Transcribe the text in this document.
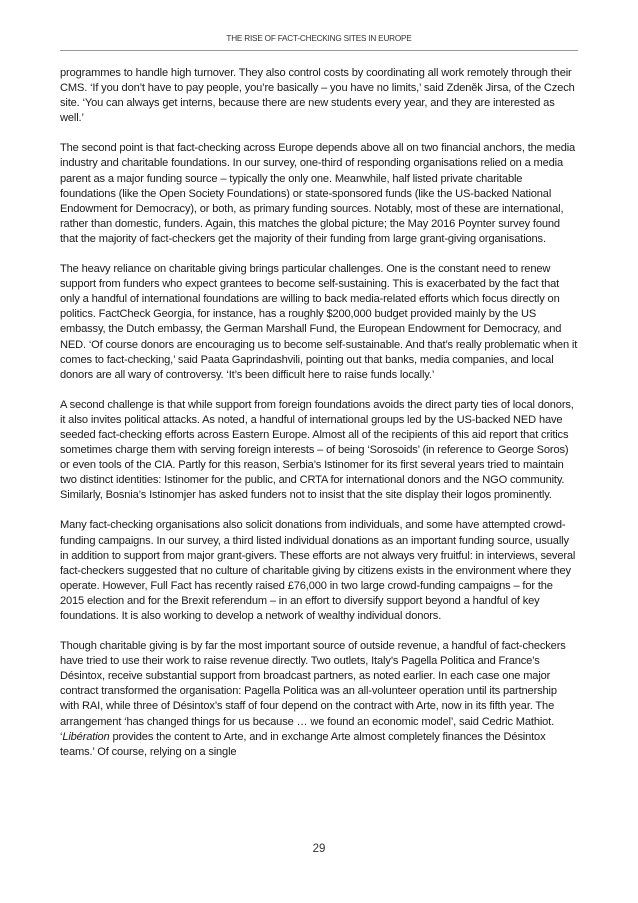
THE RISE OF FACT-CHECKING SITES IN EUROPE

programmes to handle high turnover. They also control costs by coordinating all work remotely through their CMS. ‘If you don’t have to pay people, you’re basically – you have no limits,’ said Zdeněk Jirsa, of the Czech site. ‘You can always get interns, because there are new students every year, and they are interested as well.’

The second point is that fact-checking across Europe depends above all on two financial anchors, the media industry and charitable foundations. In our survey, one-third of responding organisations relied on a media parent as a major funding source – typically the only one. Meanwhile, half listed private charitable foundations (like the Open Society Foundations) or state-sponsored funds (like the US-backed National Endowment for Democracy), or both, as primary funding sources. Notably, most of these are international, rather than domestic, funders. Again, this matches the global picture; the May 2016 Poynter survey found that the majority of fact-checkers get the majority of their funding from large grant-giving organisations.

The heavy reliance on charitable giving brings particular challenges. One is the constant need to renew support from funders who expect grantees to become self-sustaining. This is exacerbated by the fact that only a handful of international foundations are willing to back media-related efforts which focus directly on politics. FactCheck Georgia, for instance, has a roughly $200,000 budget provided mainly by the US embassy, the Dutch embassy, the German Marshall Fund, the European Endowment for Democracy, and NED. ‘Of course donors are encouraging us to become self-sustainable. And that’s really problematic when it comes to fact-checking,’ said Paata Gaprindashvili, pointing out that banks, media companies, and local donors are all wary of controversy. ‘It’s been difficult here to raise funds locally.’

A second challenge is that while support from foreign foundations avoids the direct party ties of local donors, it also invites political attacks. As noted, a handful of international groups led by the US-backed NED have seeded fact-checking efforts across Eastern Europe. Almost all of the recipients of this aid report that critics sometimes charge them with serving foreign interests – of being ‘Sorosoids’ (in reference to George Soros) or even tools of the CIA. Partly for this reason, Serbia’s Istinomer for its first several years tried to maintain two distinct identities: Istinomer for the public, and CRTA for international donors and the NGO community. Similarly, Bosnia’s Istinomjer has asked funders not to insist that the site display their logos prominently.

Many fact-checking organisations also solicit donations from individuals, and some have attempted crowd-funding campaigns. In our survey, a third listed individual donations as an important funding source, usually in addition to support from major grant-givers. These efforts are not always very fruitful: in interviews, several fact-checkers suggested that no culture of charitable giving by citizens exists in the environment where they operate. However, Full Fact has recently raised £76,000 in two large crowd-funding campaigns – for the 2015 election and for the Brexit referendum – in an effort to diversify support beyond a handful of key foundations. It is also working to develop a network of wealthy individual donors.

Though charitable giving is by far the most important source of outside revenue, a handful of fact-checkers have tried to use their work to raise revenue directly. Two outlets, Italy’s Pagella Politica and France’s Désintox, receive substantial support from broadcast partners, as noted earlier. In each case one major contract transformed the organisation: Pagella Politica was an all-volunteer operation until its partnership with RAI, while three of Désintox’s staff of four depend on the contract with Arte, now in its fifth year. The arrangement ‘has changed things for us because … we found an economic model’, said Cedric Mathiot. ‘Libération provides the content to Arte, and in exchange Arte almost completely finances the Désintox teams.’ Of course, relying on a single

29
